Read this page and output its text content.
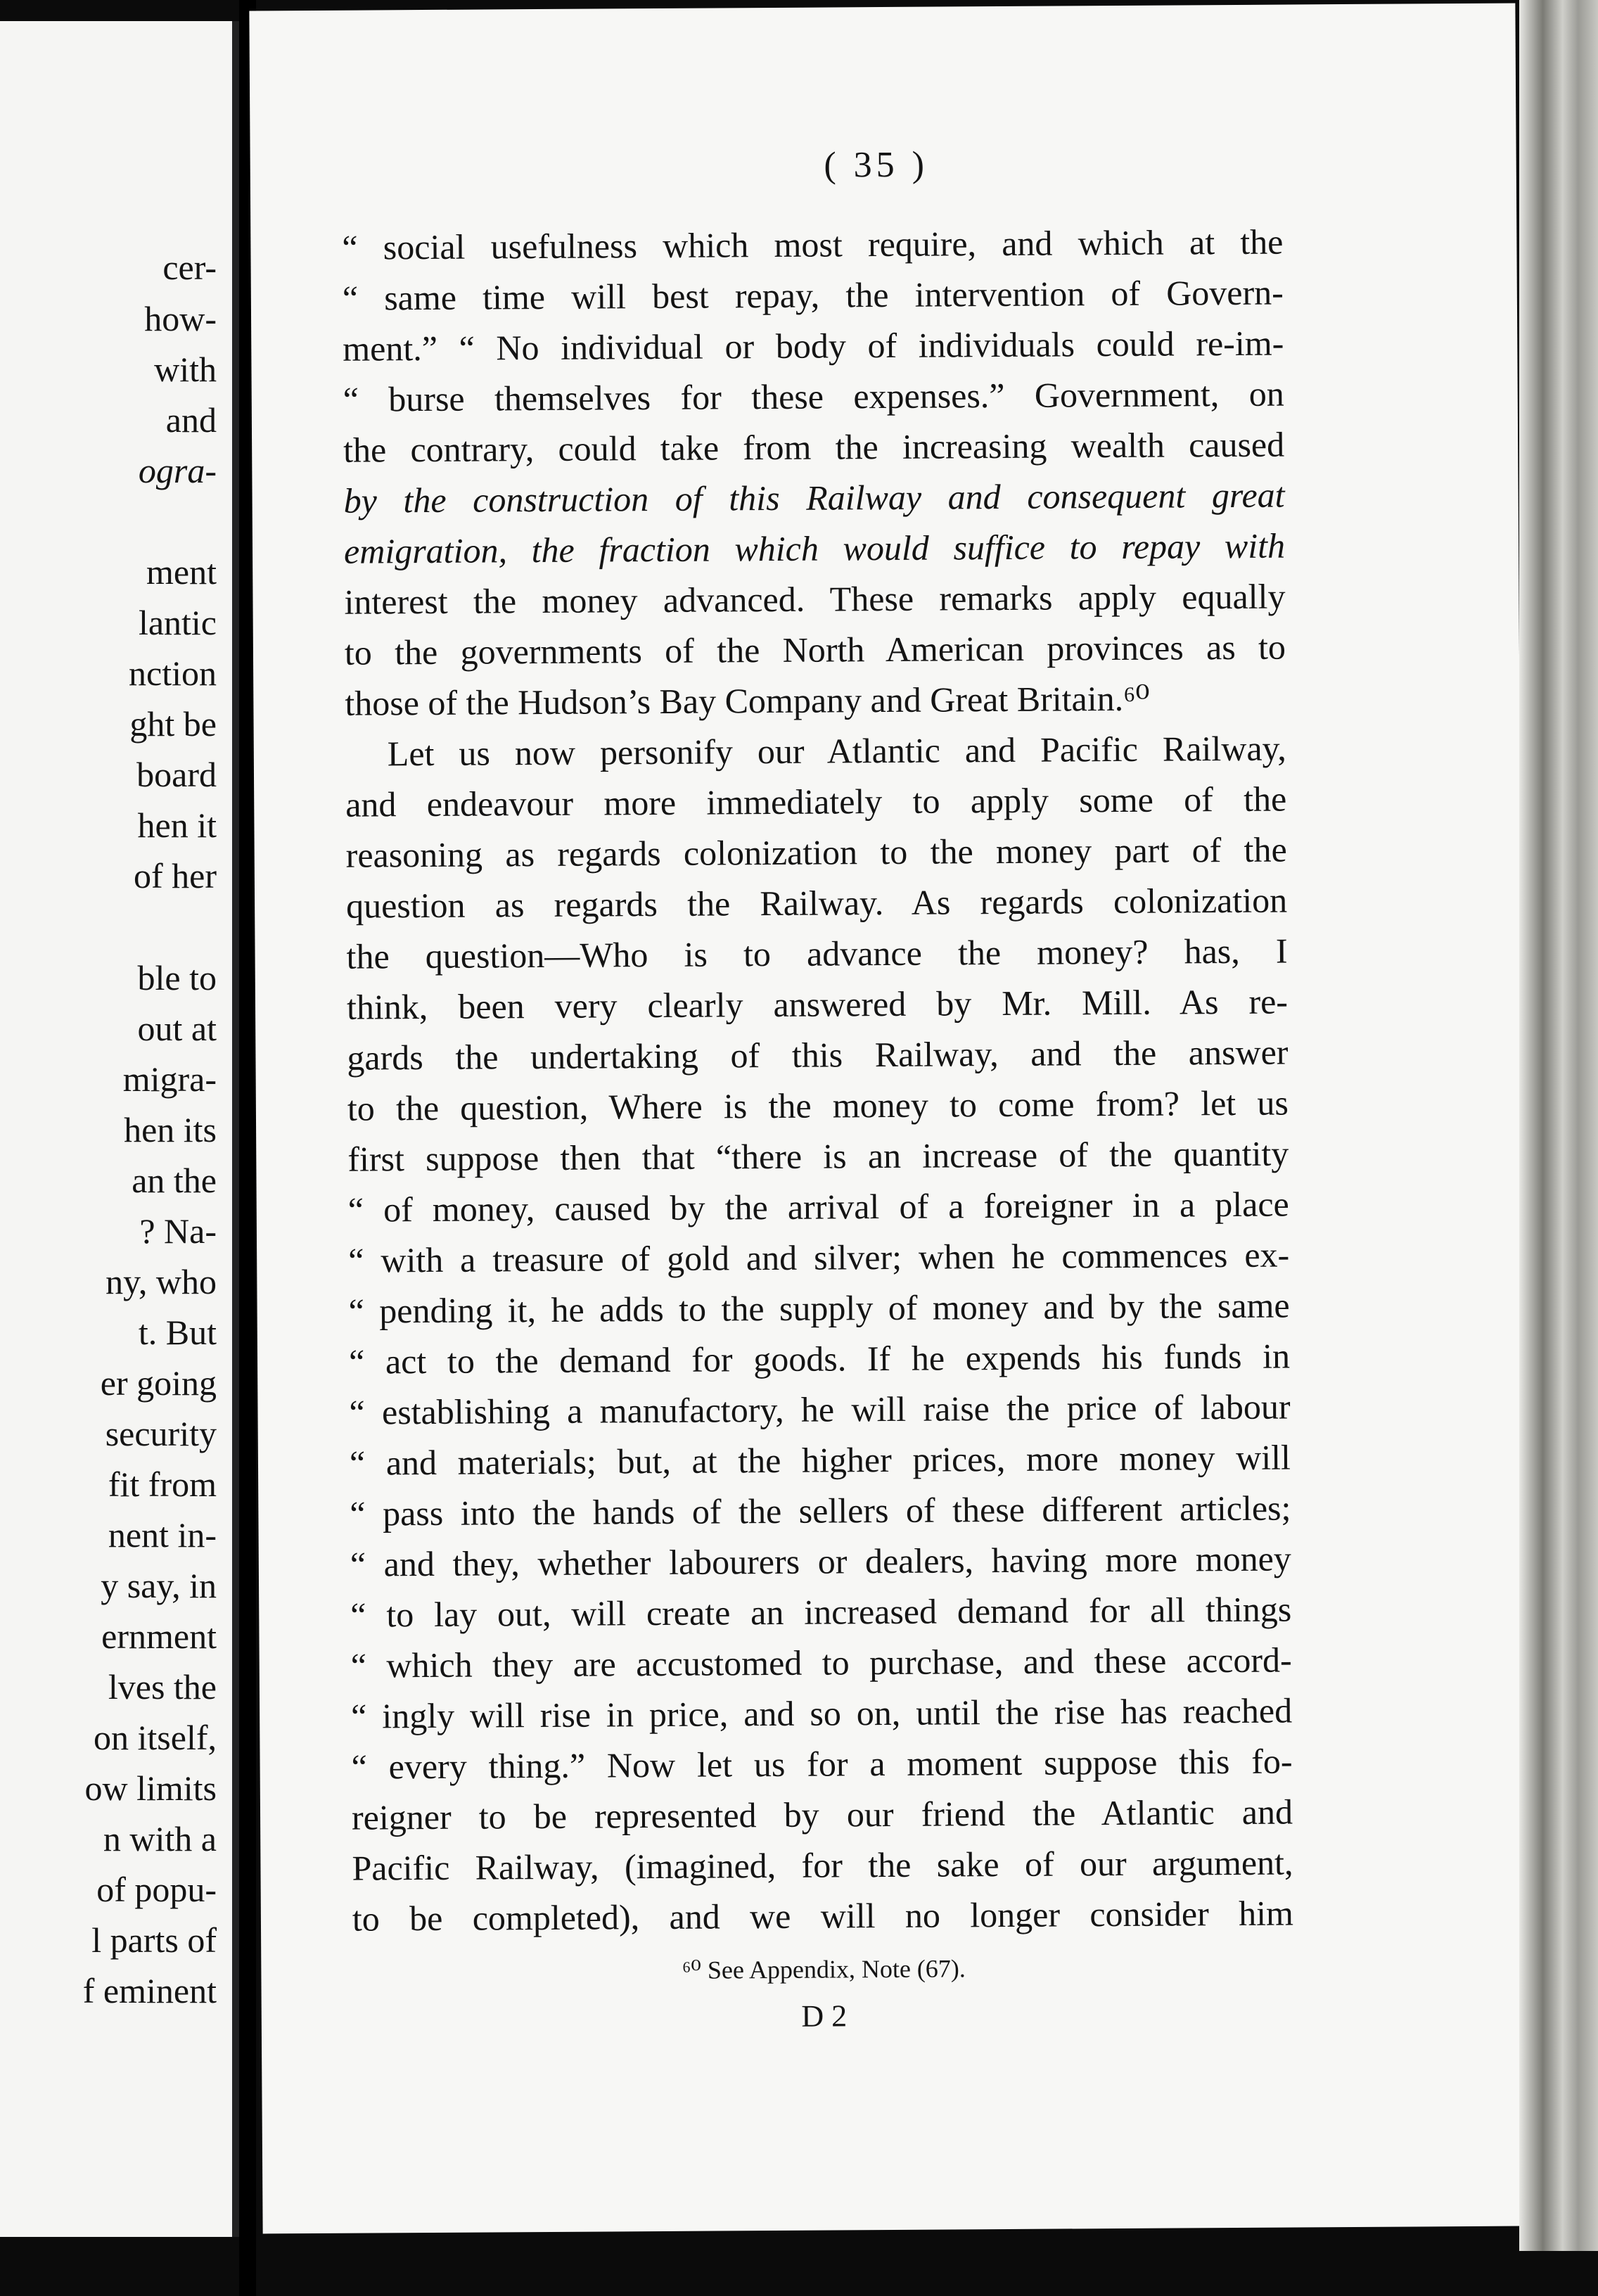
cer-
how-
with
and
ogra-
ment
lantic
nction
ght be
board
hen it
of her
ble to
out at
migra-
hen its
an the
? Na-
ny, who
t. But
er going
security
fit from
nent in-
y say, in
ernment
lves the
on itself,
ow limits
n with a
of popu-
l parts of
f eminent
( 35 )
“ social usefulness which most require, and which at the
“ same time will best repay, the intervention of Govern-
ment.” “ No individual or body of individuals could re-im-
“ burse themselves for these expenses.” Government, on
the contrary, could take from the increasing wealth caused
by the construction of this Railway and consequent great
emigration, the fraction which would suffice to repay with
interest the money advanced. These remarks apply equally
to the governments of the North American provinces as to
those of the Hudson’s Bay Company and Great Britain.⁶⁰
Let us now personify our Atlantic and Pacific Railway,
and endeavour more immediately to apply some of the
reasoning as regards colonization to the money part of the
question as regards the Railway. As regards colonization
the question—Who is to advance the money? has, I
think, been very clearly answered by Mr. Mill. As re-
gards the undertaking of this Railway, and the answer
to the question, Where is the money to come from? let us
first suppose then that “there is an increase of the quantity
“ of money, caused by the arrival of a foreigner in a place
“ with a treasure of gold and silver; when he commences ex-
“ pending it, he adds to the supply of money and by the same
“ act to the demand for goods. If he expends his funds in
“ establishing a manufactory, he will raise the price of labour
“ and materials; but, at the higher prices, more money will
“ pass into the hands of the sellers of these different articles;
“ and they, whether labourers or dealers, having more money
“ to lay out, will create an increased demand for all things
“ which they are accustomed to purchase, and these accord-
“ ingly will rise in price, and so on, until the rise has reached
“ every thing.” Now let us for a moment suppose this fo-
reigner to be represented by our friend the Atlantic and
Pacific Railway, (imagined, for the sake of our argument,
to be completed), and we will no longer consider him
⁶⁰ See Appendix, Note (67).
D 2
